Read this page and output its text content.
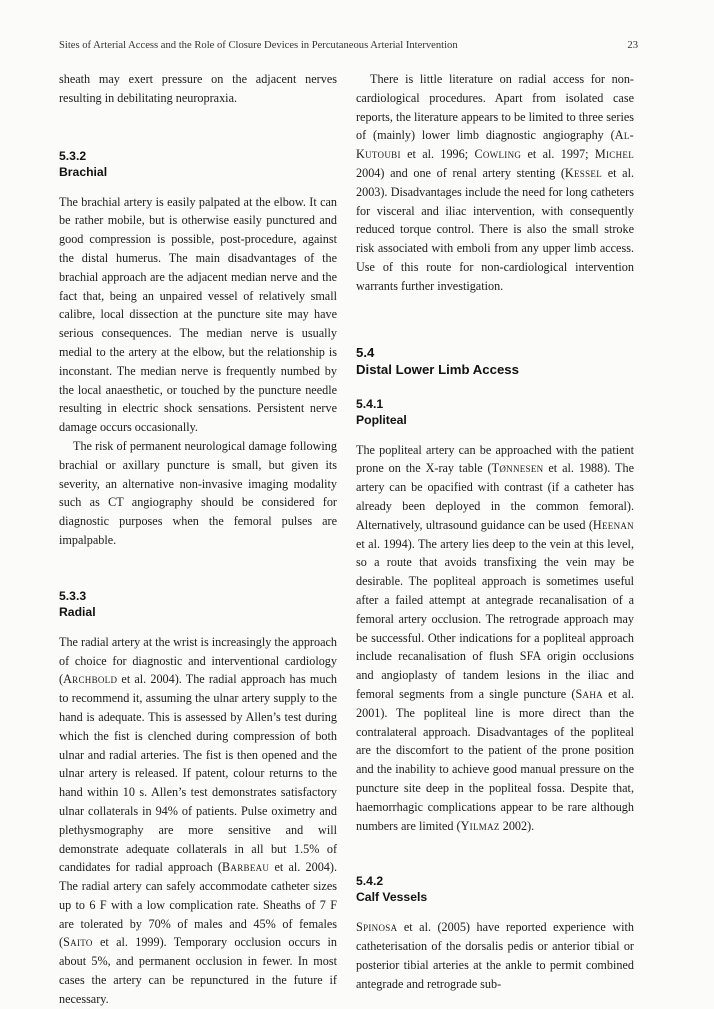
Sites of Arterial Access and the Role of Closure Devices in Percutaneous Arterial Intervention	23

sheath may exert pressure on the adjacent nerves resulting in debilitating neuropraxia.

5.3.2
Brachial

The brachial artery is easily palpated at the elbow. It can be rather mobile, but is otherwise easily punctured and good compression is possible, post-procedure, against the distal humerus. The main disadvantages of the brachial approach are the adjacent median nerve and the fact that, being an unpaired vessel of relatively small calibre, local dissection at the puncture site may have serious consequences. The median nerve is usually medial to the artery at the elbow, but the relationship is inconstant. The median nerve is frequently numbed by the local anaesthetic, or touched by the puncture needle resulting in electric shock sensations. Persistent nerve damage occurs occasionally.

The risk of permanent neurological damage following brachial or axillary puncture is small, but given its severity, an alternative non-invasive imaging modality such as CT angiography should be considered for diagnostic purposes when the femoral pulses are impalpable.

5.3.3
Radial

The radial artery at the wrist is increasingly the approach of choice for diagnostic and interventional cardiology (Archbold et al. 2004). The radial approach has much to recommend it, assuming the ulnar artery supply to the hand is adequate. This is assessed by Allen’s test during which the fist is clenched during compression of both ulnar and radial arteries. The fist is then opened and the ulnar artery is released. If patent, colour returns to the hand within 10 s. Allen’s test demonstrates satisfactory ulnar collaterals in 94% of patients. Pulse oximetry and plethysmography are more sensitive and will demonstrate adequate collaterals in all but 1.5% of candidates for radial approach (Barbeau et al. 2004). The radial artery can safely accommodate catheter sizes up to 6 F with a low complication rate. Sheaths of 7 F are tolerated by 70% of males and 45% of females (Saito et al. 1999). Temporary occlusion occurs in about 5%, and permanent occlusion in fewer. In most cases the artery can be repunctured in the future if necessary.

There is little literature on radial access for non-cardiological procedures. Apart from isolated case reports, the literature appears to be limited to three series of (mainly) lower limb diagnostic angiography (Al-Kutoubi et al. 1996; Cowling et al. 1997; Michel 2004) and one of renal artery stenting (Kessel et al. 2003). Disadvantages include the need for long catheters for visceral and iliac intervention, with consequently reduced torque control. There is also the small stroke risk associated with emboli from any upper limb access. Use of this route for non-cardiological intervention warrants further investigation.

5.4
Distal Lower Limb Access
5.4.1
Popliteal

The popliteal artery can be approached with the patient prone on the X-ray table (Tønnesen et al. 1988). The artery can be opacified with contrast (if a catheter has already been deployed in the common femoral). Alternatively, ultrasound guidance can be used (Heenan et al. 1994). The artery lies deep to the vein at this level, so a route that avoids transfixing the vein may be desirable. The popliteal approach is sometimes useful after a failed attempt at antegrade recanalisation of a femoral artery occlusion. The retrograde approach may be successful. Other indications for a popliteal approach include recanalisation of flush SFA origin occlusions and angioplasty of tandem lesions in the iliac and femoral segments from a single puncture (Saha et al. 2001). The popliteal line is more direct than the contralateral approach. Disadvantages of the popliteal are the discomfort to the patient of the prone position and the inability to achieve good manual pressure on the puncture site deep in the popliteal fossa. Despite that, haemorrhagic complications appear to be rare although numbers are limited (Yilmaz 2002).

5.4.2
Calf Vessels

Spinosa et al. (2005) have reported experience with catheterisation of the dorsalis pedis or anterior tibial or posterior tibial arteries at the ankle to permit combined antegrade and retrograde sub-
